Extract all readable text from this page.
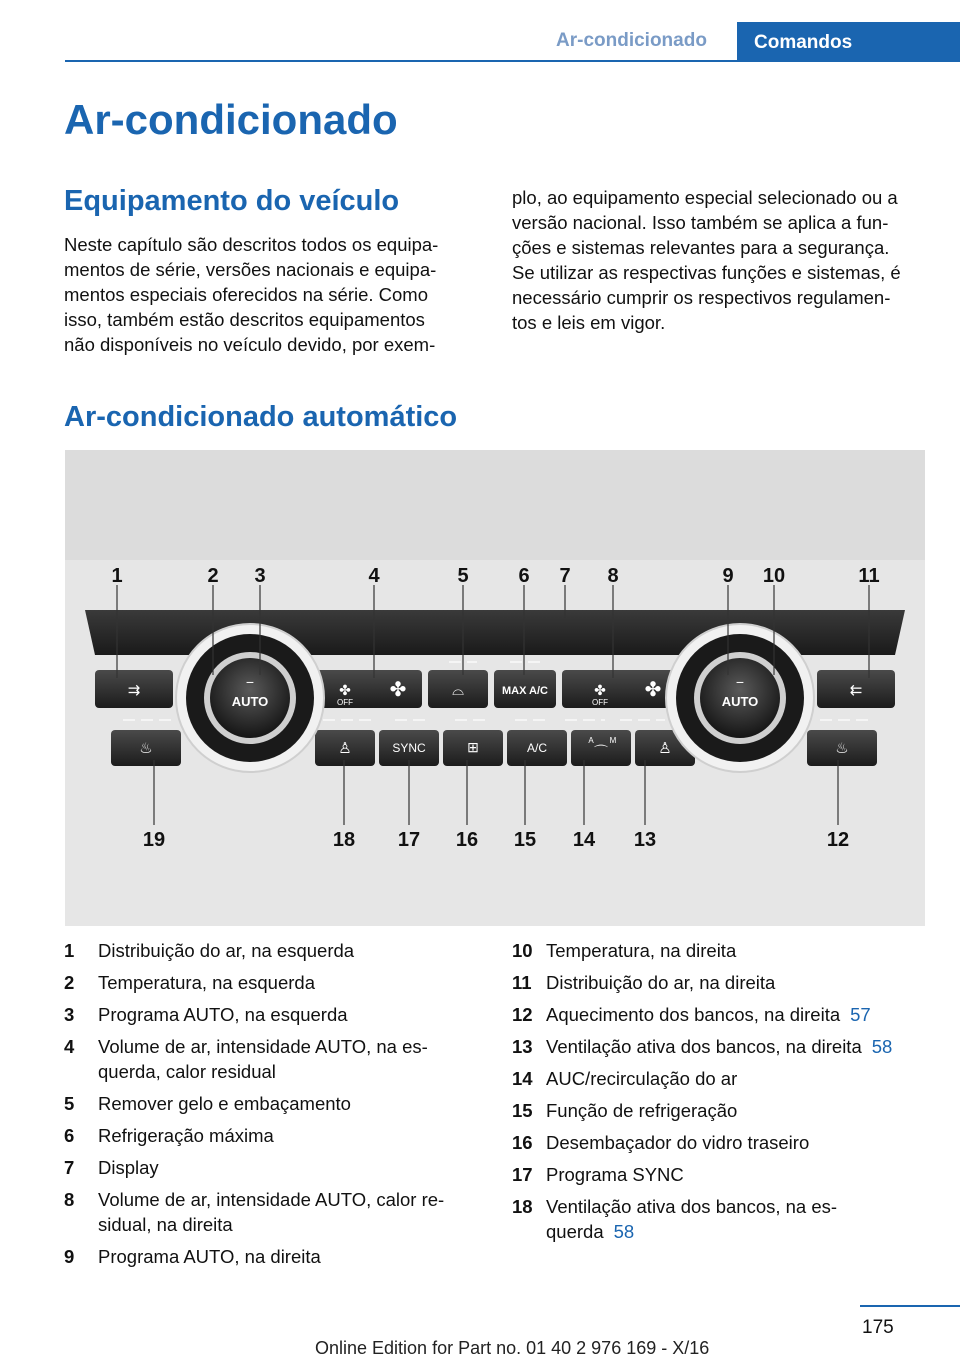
Ar-condicionado	Comandos
Ar-condicionado
Equipamento do veículo
Neste capítulo são descritos todos os equipa‐
mentos de série, versões nacionais e equipa‐
mentos especiais oferecidos na série. Como
isso, também estão descritos equipamentos
não disponíveis no veículo devido, por exem‐
plo, ao equipamento especial selecionado ou a
versão nacional. Isso também se aplica a fun‐
ções e sistemas relevantes para a segurança.
Se utilizar as respectivas funções e sistemas, é
necessário cumprir os respectivos regulamen‐
tos e leis em vigor.
Ar-condicionado automático
AUTO
−
AUTO
−
✤
OFF
✤	✤
OFF
✤
⌓	MAX A/C
⇉	⇇
♨	♨
♙	♙
SYNC	⊞	A/C
A M
⌒
1	2 3	4	5 6 7 8	9 10	11
19	18 17 16 15 14 13	12
1 Distribuição do ar, na esquerda
2 Temperatura, na esquerda
3 Programa AUTO, na esquerda
4 Volume de ar, intensidade AUTO, na es‐
querda, calor residual
5 Remover gelo e embaçamento
6 Refrigeração máxima
7 Display
8 Volume de ar, intensidade AUTO, calor re‐
sidual, na direita
9 Programa AUTO, na direita
10 Temperatura, na direita
11 Distribuição do ar, na direita
12 Aquecimento dos bancos, na direita 57
13 Ventilação ativa dos bancos, na direita 58
14 AUC/recirculação do ar
15 Função de refrigeração
16 Desembaçador do vidro traseiro
17 Programa SYNC
18 Ventilação ativa dos bancos, na es‐
querda 58
175
Online Edition for Part no. 01 40 2 976 169 - X/16
